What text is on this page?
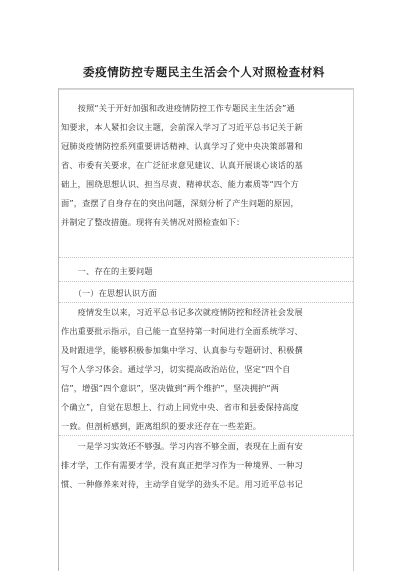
委疫情防控专题民主生活会个人对照检查材料
　　按照“关于开好加强和改进疫情防控工作专题民主生活会”通
知要求，本人紧扣会议主题，会前深入学习了习近平总书记关于新
冠肺炎疫情防控系列重要讲话精神、认真学习了党中央决策部署和
省、市委有关要求，在广泛征求意见建议、认真开展谈心谈话的基
础上，围绕思想认识、担当尽责、精神状态、能力素质等“四个方
面”，查摆了自身存在的突出问题，深刻分析了产生问题的原因，
并制定了整改措施。现将有关情况对照检查如下：
　　一、存在的主要问题
　　（一）在思想认识方面
　　疫情发生以来，习近平总书记多次就疫情防控和经济社会发展
作出重要批示指示，自己能一直坚持第一时间进行全面系统学习、
及时跟进学，能够积极参加集中学习、认真参与专题研讨、积极撰
写个人学习体会。通过学习，切实提高政治站位，坚定“四个自
信”，增强“四个意识”，坚决做到“两个维护”，坚决拥护“两
个确立”，自觉在思想上、行动上同党中央、省市和县委保持高度
一致。但剖析感到，距离组织的要求还存在一些差距。
　　一是学习实效还不够强。学习内容不够全面，表现在上面有安
排才学，工作有需要才学，没有真正把学习作为一种境界、一种习
惯、一种修养来对待，主动学自觉学的劲头不足。用习近平总书记
